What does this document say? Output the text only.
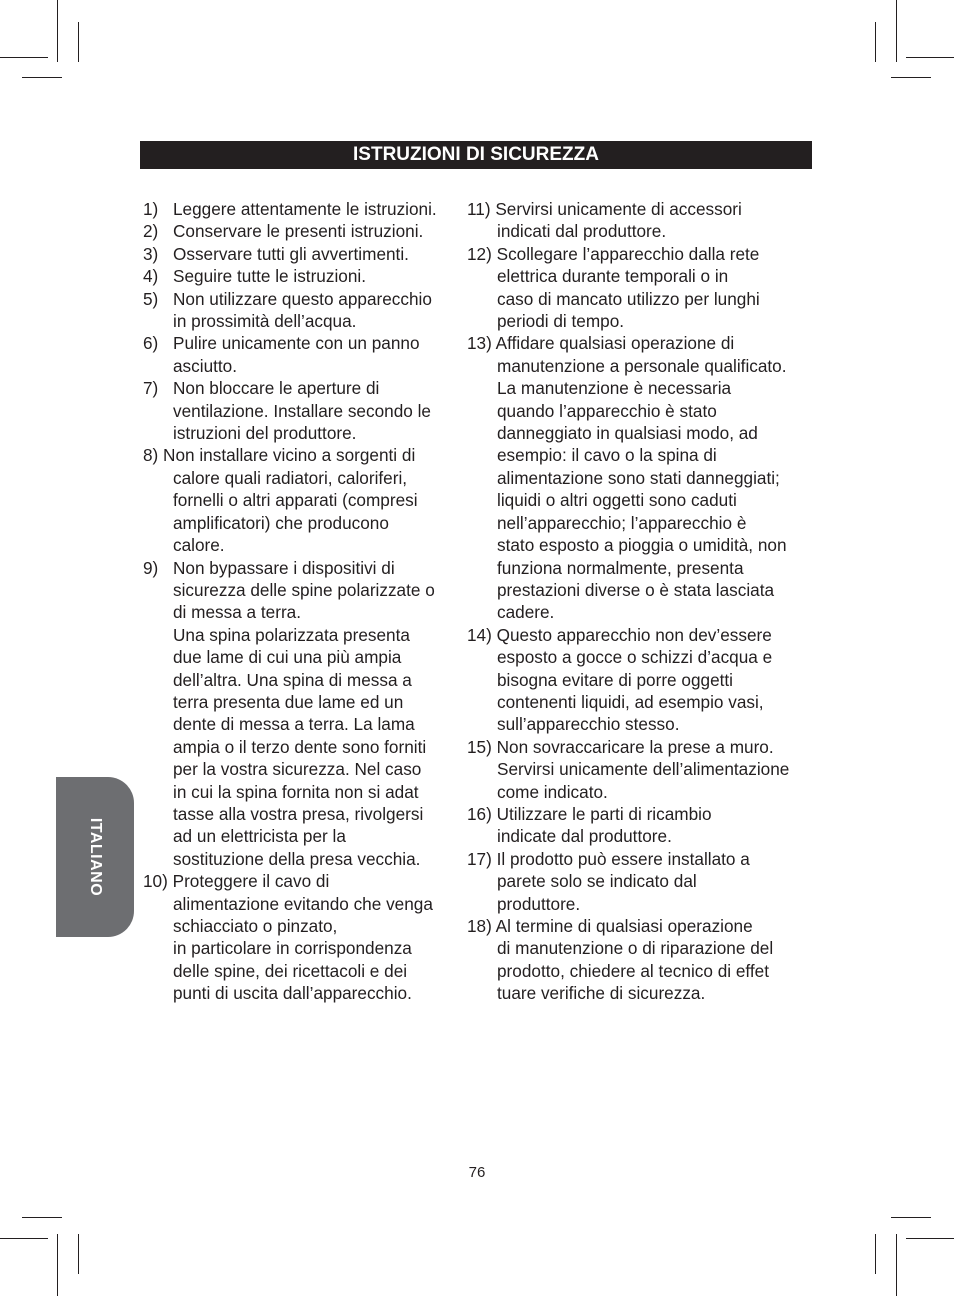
ISTRUZIONI DI SICUREZZA
1) Leggere attentamente le istruzioni.
2) Conservare le presenti istruzioni.
3) Osservare tutti gli avvertimenti.
4) Seguire tutte le istruzioni.
5) Non utilizzare questo apparecchio
in prossimità dell’acqua.
6) Pulire unicamente con un panno
asciutto.
7) Non bloccare le aperture di
ventilazione. Installare secondo le
istruzioni del produttore.
8) Non installare vicino a sorgenti di

calore quali radiatori, caloriferi,
fornelli o altri apparati (compresi
amplificatori) che producono
calore.
9) Non bypassare i dispositivi di
sicurezza delle spine polarizzate o
di messa a terra.
Una spina polarizzata presenta
due lame di cui una più ampia
dell’altra. Una spina di messa a
terra presenta due lame ed un
dente di messa a terra. La lama
ampia o il terzo dente sono forniti
per la vostra sicurezza. Nel caso
in cui la spina fornita non si adat
tasse alla vostra presa, rivolgersi
ad un elettricista per la
sostituzione della presa vecchia.
10) Proteggere il cavo di

alimentazione evitando che venga
schiacciato o pinzato,
in particolare in corrispondenza
delle spine, dei ricettacoli e dei
punti di uscita dall’apparecchio.
11) Servirsi unicamente di accessori

indicati dal produttore.
12) Scollegare l’apparecchio dalla rete

elettrica durante temporali o in
caso di mancato utilizzo per lunghi
periodi di tempo.
13) Affidare qualsiasi operazione di

manutenzione a personale qualificato.
La manutenzione è necessaria
quando l’apparecchio è stato
danneggiato in qualsiasi modo, ad
esempio: il cavo o la spina di
alimentazione sono stati danneggiati;
liquidi o altri oggetti sono caduti
nell’apparecchio; l’apparecchio è
stato esposto a pioggia o umidità, non
funziona normalmente, presenta
prestazioni diverse o è stata lasciata
cadere.
14) Questo apparecchio non dev’essere

esposto a gocce o schizzi d’acqua e
bisogna evitare di porre oggetti
contenenti liquidi, ad esempio vasi,
sull’apparecchio stesso.
15) Non sovraccaricare la prese a muro.

Servirsi unicamente dell’alimentazione
come indicato.
16) Utilizzare le parti di ricambio

indicate dal produttore.
17) Il prodotto può essere installato a

parete solo se indicato dal
produttore.
18) Al termine di qualsiasi operazione

di manutenzione o di riparazione del
prodotto, chiedere al tecnico di effet
tuare verifiche di sicurezza.
ITALIANO
76
